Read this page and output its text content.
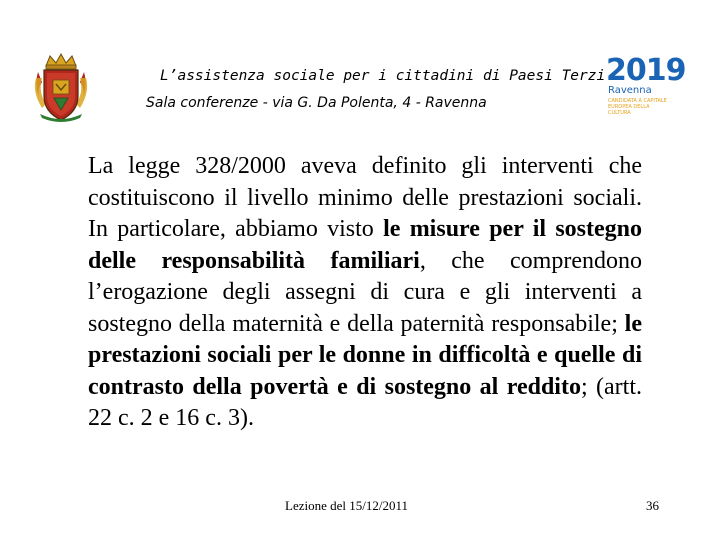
L’assistenza sociale per i cittadini di Paesi Terzi
Sala conferenze - via G. Da Polenta, 4 - Ravenna
2019
Ravenna
CANDIDATA A CAPITALE EUROPEA DELLA CULTURA
La legge 328/2000 aveva definito gli interventi che costituiscono il livello minimo delle prestazioni sociali. In particolare, abbiamo visto le misure per il sostegno delle responsabilità familiari, che comprendono l’erogazione degli assegni di cura e gli interventi a sostegno della maternità e della paternità responsabile; le prestazioni sociali per le donne in difficoltà e quelle di contrasto della povertà e di sostegno al reddito; (artt. 22 c. 2 e 16 c. 3).
Lezione del 15/12/2011	36
